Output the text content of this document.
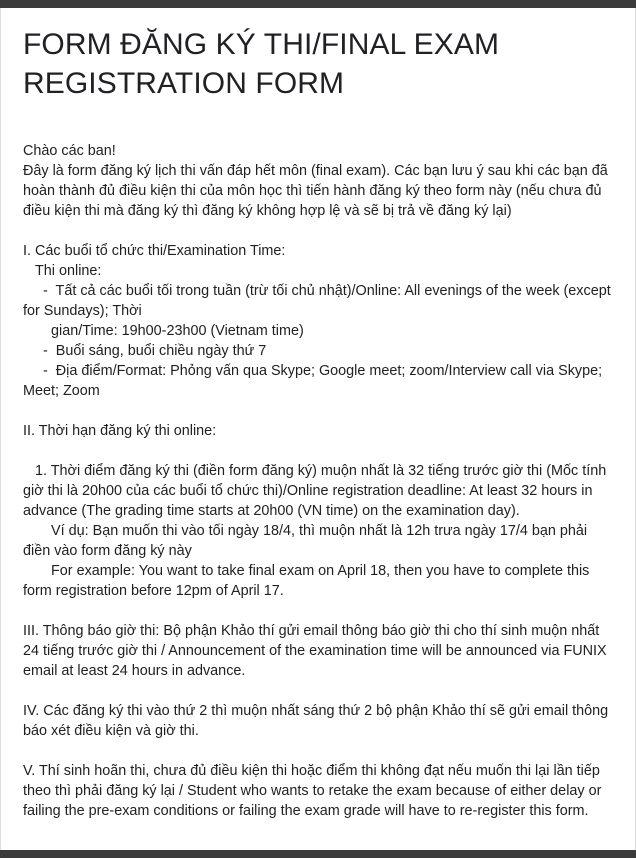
FORM ĐĂNG KÝ THI/FINAL EXAM REGISTRATION FORM

Chào các ban!

Đây là form đăng ký lịch thi vấn đáp hết môn (final exam). Các bạn lưu ý sau khi các bạn đã hoàn thành đủ điều kiện thi của môn học thì tiến hành đăng ký theo form này (nếu chưa đủ điều kiện thi mà đăng ký thì đăng ký không hợp lệ và sẽ bị trả về đăng ký lại)

I. Các buổi tổ chức thi/Examination Time:

Thi online:

-  Tất cả các buổi tối trong tuần (trừ tối chủ nhật)/Online: All evenings of the week (except for Sundays); Thời

gian/Time: 19h00-23h00 (Vietnam time)

-  Buổi sáng, buổi chiều ngày thứ 7

-  Địa điểm/Format: Phỏng vấn qua Skype; Google meet; zoom/Interview call via Skype; Meet; Zoom

II. Thời hạn đăng ký thi online:

1. Thời điểm đăng ký thi (điền form đăng ký) muộn nhất là 32 tiếng trước giờ thi (Mốc tính giờ thi là 20h00 của các buổi tổ chức thi)/Online registration deadline: At least 32 hours in advance (The grading time starts at 20h00 (VN time) on the examination day).

Ví dụ: Bạn muốn thi vào tối ngày 18/4, thì muộn nhất là 12h trưa ngày 17/4 bạn phải điền vào form đăng ký này

For example: You want to take final exam on April 18, then you have to complete this form registration before 12pm of April 17.

III. Thông báo giờ thi: Bộ phận Khảo thí gửi email thông báo giờ thi cho thí sinh muộn nhất 24 tiếng trước giờ thi / Announcement of the examination time will be announced via FUNIX email at least 24 hours in advance.

IV. Các đăng ký thi vào thứ 2 thì muộn nhất sáng thứ 2 bộ phận Khảo thí sẽ gửi email thông báo xét điều kiện và giờ thi.

V. Thí sinh hoãn thi, chưa đủ điều kiện thi hoặc điểm thi không đạt nếu muốn thi lại lần tiếp theo thì phải đăng ký lại / Student who wants to retake the exam because of either delay or failing the pre-exam conditions or failing the exam grade will have to re-register this form.
